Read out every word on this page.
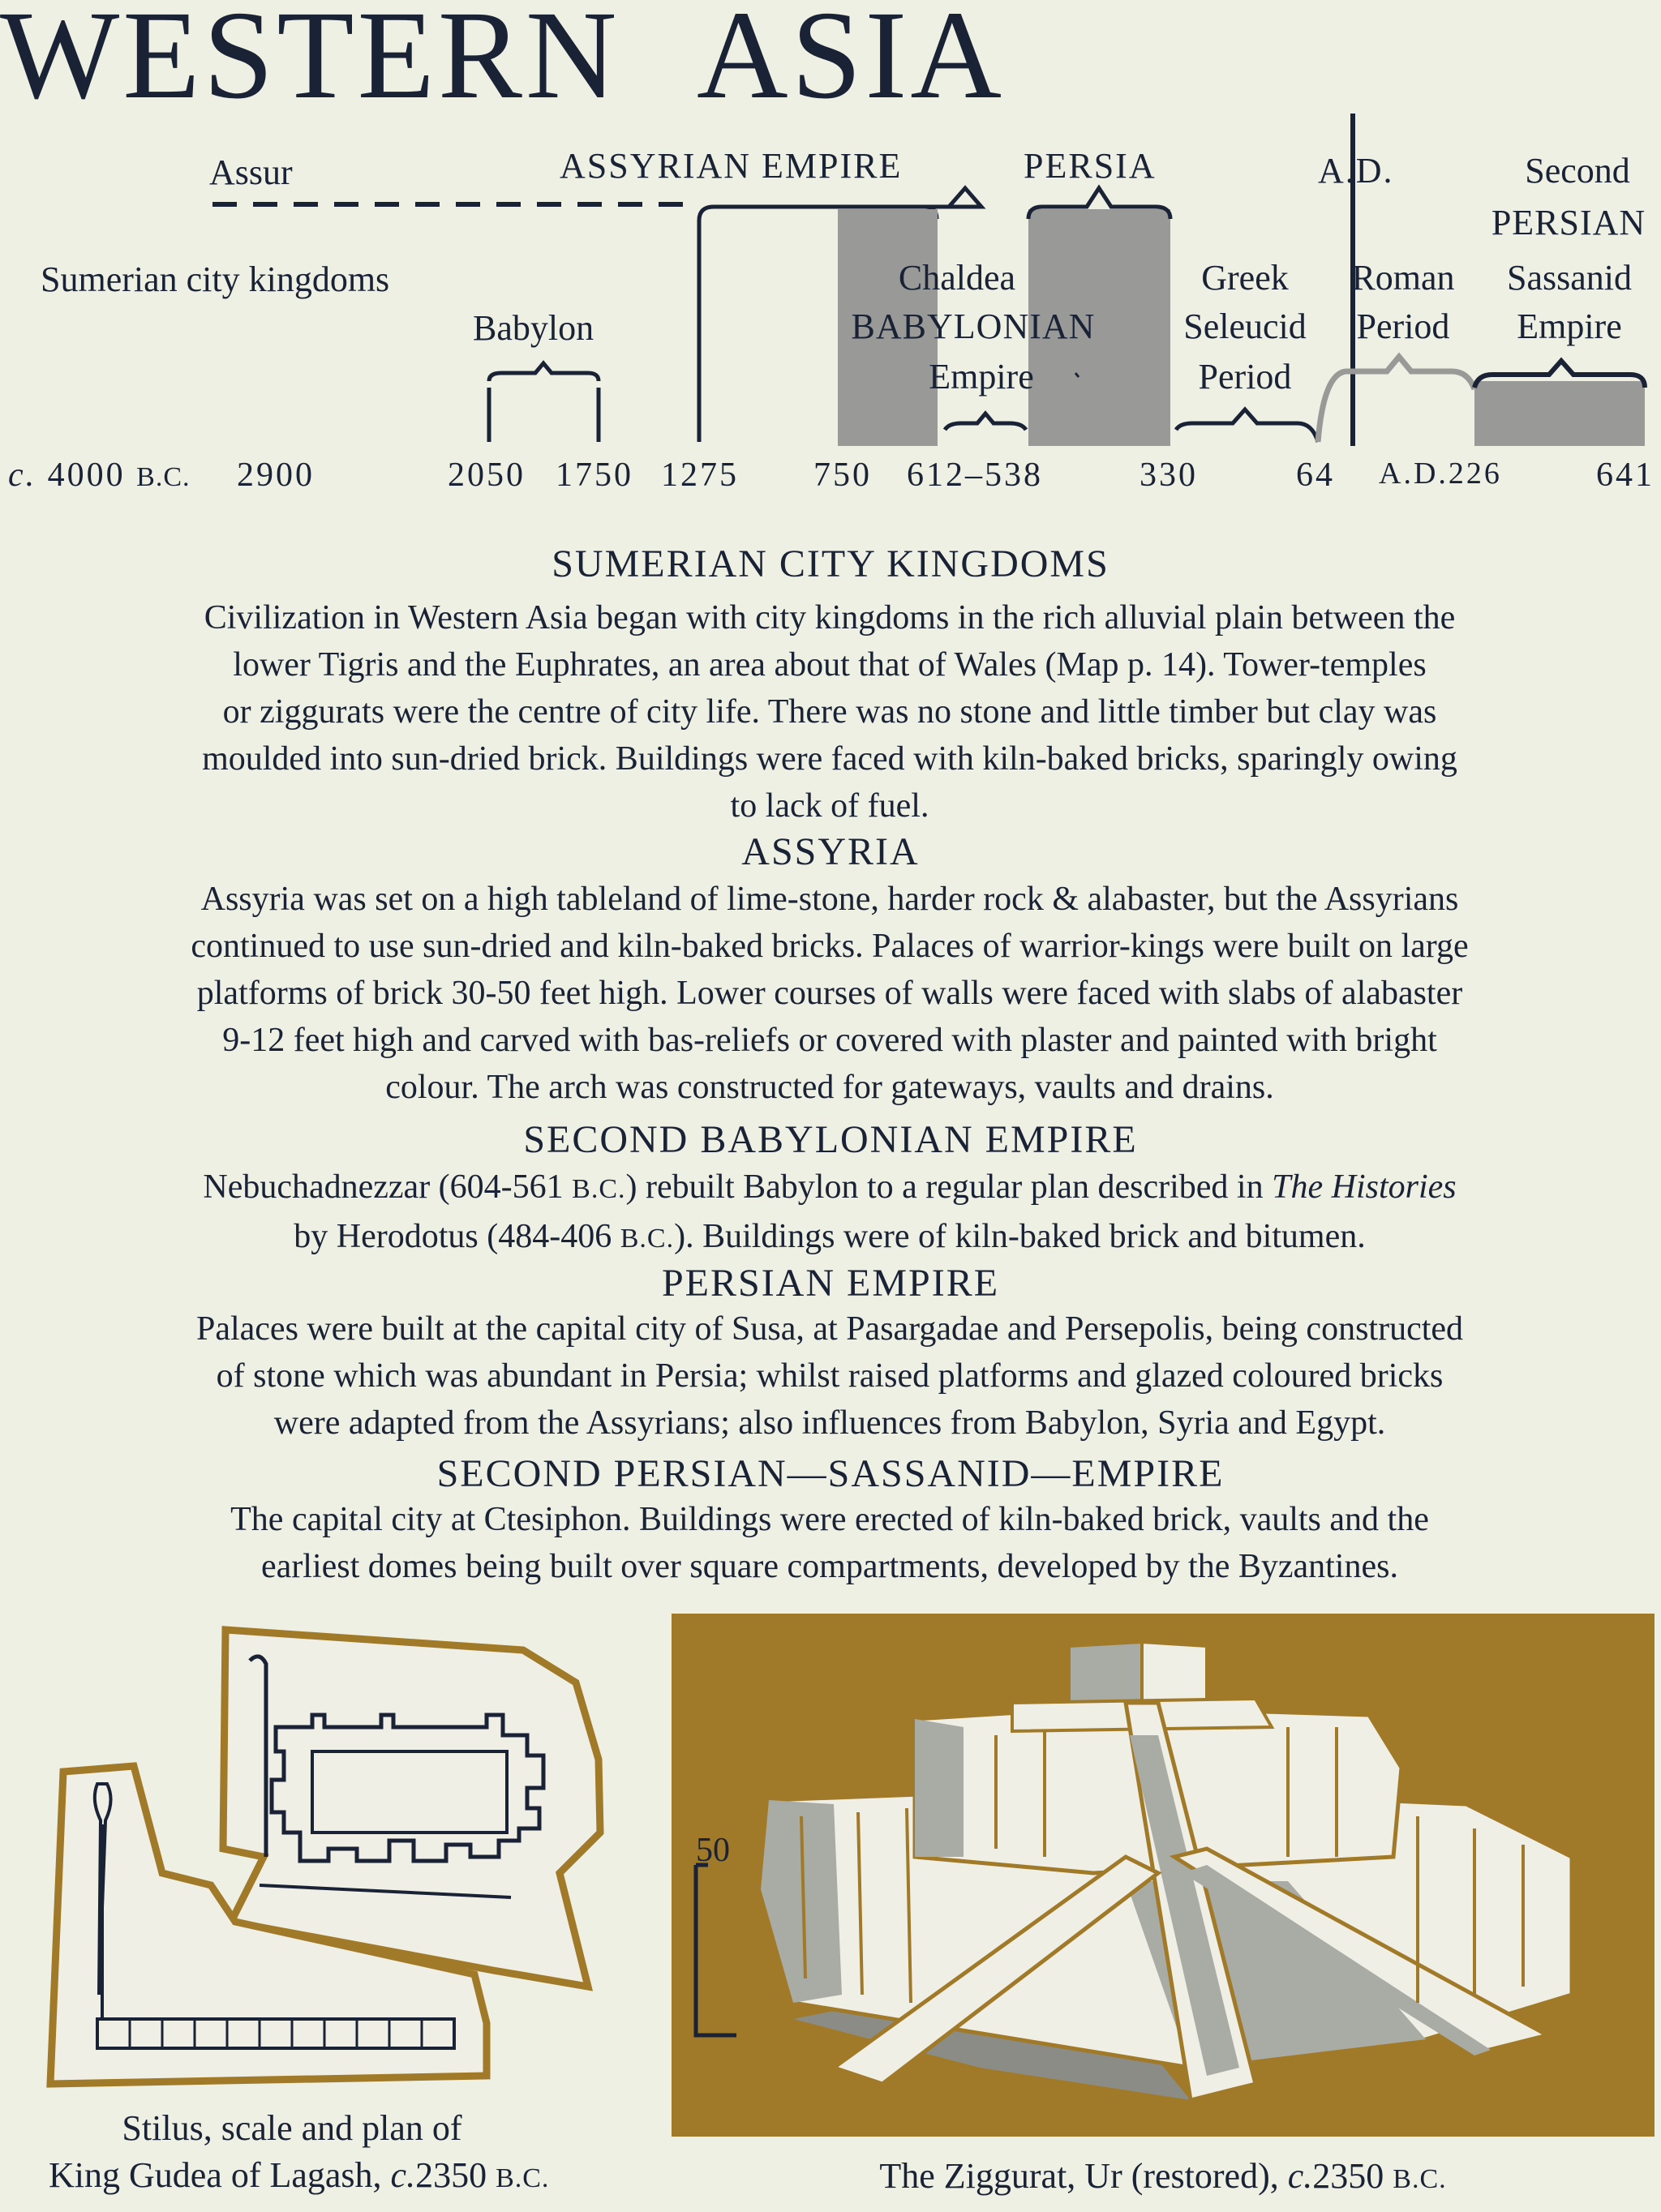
WESTERN ASIA
Assur	ASSYRIAN EMPIRE	PERSIA	A.D.	Second
PERSIAN
Sumerian city kingdoms
Babylon
Chaldea
BABYLONIAN
Empire
Greek
Seleucid
Period
Roman
Period
Sassanid
Empire
c. 4000 B.C. 2900	2050 1750 1275 750 612–538	330	64 A.D.226	641
SUMERIAN CITY KINGDOMS
Civilization in Western Asia began with city kingdoms in the rich alluvial plain between the
lower Tigris and the Euphrates, an area about that of Wales (Map p. 14). Tower-temples
or ziggurats were the centre of city life. There was no stone and little timber but clay was
moulded into sun-dried brick. Buildings were faced with kiln-baked bricks, sparingly owing
to lack of fuel.
ASSYRIA
Assyria was set on a high tableland of lime-stone, harder rock & alabaster, but the Assyrians
continued to use sun-dried and kiln-baked bricks. Palaces of warrior-kings were built on large
platforms of brick 30-50 feet high. Lower courses of walls were faced with slabs of alabaster
9-12 feet high and carved with bas-reliefs or covered with plaster and painted with bright
colour. The arch was constructed for gateways, vaults and drains.
SECOND BABYLONIAN EMPIRE
Nebuchadnezzar (604-561 B.C.) rebuilt Babylon to a regular plan described in The Histories
by Herodotus (484-406 B.C.). Buildings were of kiln-baked brick and bitumen.
PERSIAN EMPIRE
Palaces were built at the capital city of Susa, at Pasargadae and Persepolis, being constructed
of stone which was abundant in Persia; whilst raised platforms and glazed coloured bricks
were adapted from the Assyrians; also influences from Babylon, Syria and Egypt.
SECOND PERSIAN—SASSANID—EMPIRE
The capital city at Ctesiphon. Buildings were erected of kiln-baked brick, vaults and the
earliest domes being built over square compartments, developed by the Byzantines.
Stilus, scale and plan of
King Gudea of Lagash, c.2350 B.C.
50
The Ziggurat, Ur (restored), c.2350 B.C.
